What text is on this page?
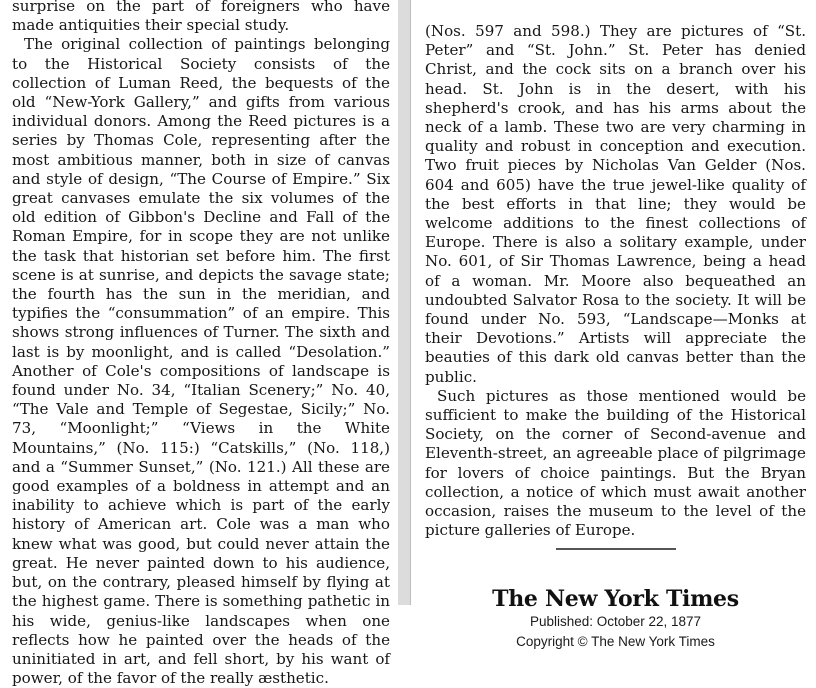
surprise on the part of foreigners who have made antiquities their special study.

The original collection of paintings belonging to the Historical Society consists of the collection of Luman Reed, the bequests of the old “New-York Gallery,” and gifts from various individual donors. Among the Reed pictures is a series by Thomas Cole, representing after the most ambitious manner, both in size of canvas and style of design, “The Course of Empire.” Six great canvases emulate the six volumes of the old edition of Gibbon's Decline and Fall of the Roman Empire, for in scope they are not unlike the task that historian set before him. The first scene is at sunrise, and depicts the savage state; the fourth has the sun in the meridian, and typifies the “consummation” of an empire. This shows strong influences of Turner. The sixth and last is by moonlight, and is called “Desolation.” Another of Cole's compositions of landscape is found under No. 34, “Italian Scenery;” No. 40, “The Vale and Temple of Segestae, Sicily;” No. 73, “Moonlight;” “Views in the White Mountains,” (No. 115:) “Catskills,” (No. 118,) and a “Summer Sunset,” (No. 121.) All these are good examples of a boldness in attempt and an inability to achieve which is part of the early history of American art. Cole was a man who knew what was good, but could never attain the great. He never painted down to his audience, but, on the contrary, pleased himself by flying at the highest game. There is something pathetic in his wide, genius-like landscapes when one reflects how he painted over the heads of the uninitiated in art, and fell short, by his want of power, of the favor of the really æsthetic.

(Nos. 597 and 598.) They are pictures of “St. Peter” and “St. John.” St. Peter has denied Christ, and the cock sits on a branch over his head. St. John is in the desert, with his shepherd's crook, and has his arms about the neck of a lamb. These two are very charming in quality and robust in conception and execution. Two fruit pieces by Nicholas Van Gelder (Nos. 604 and 605) have the true jewel-like quality of the best efforts in that line; they would be welcome additions to the finest collections of Europe. There is also a solitary example, under No. 601, of Sir Thomas Lawrence, being a head of a woman. Mr. Moore also bequeathed an undoubted Salvator Rosa to the society. It will be found under No. 593, “Landscape—Monks at their Devotions.” Artists will appreciate the beauties of this dark old canvas better than the public.

Such pictures as those mentioned would be sufficient to make the building of the Historical Society, on the corner of Second-avenue and Eleventh-street, an agreeable place of pilgrimage for lovers of choice paintings. But the Bryan collection, a notice of which must await another occasion, raises the museum to the level of the picture galleries of Europe.

The New York Times
Published: October 22, 1877
Copyright © The New York Times
